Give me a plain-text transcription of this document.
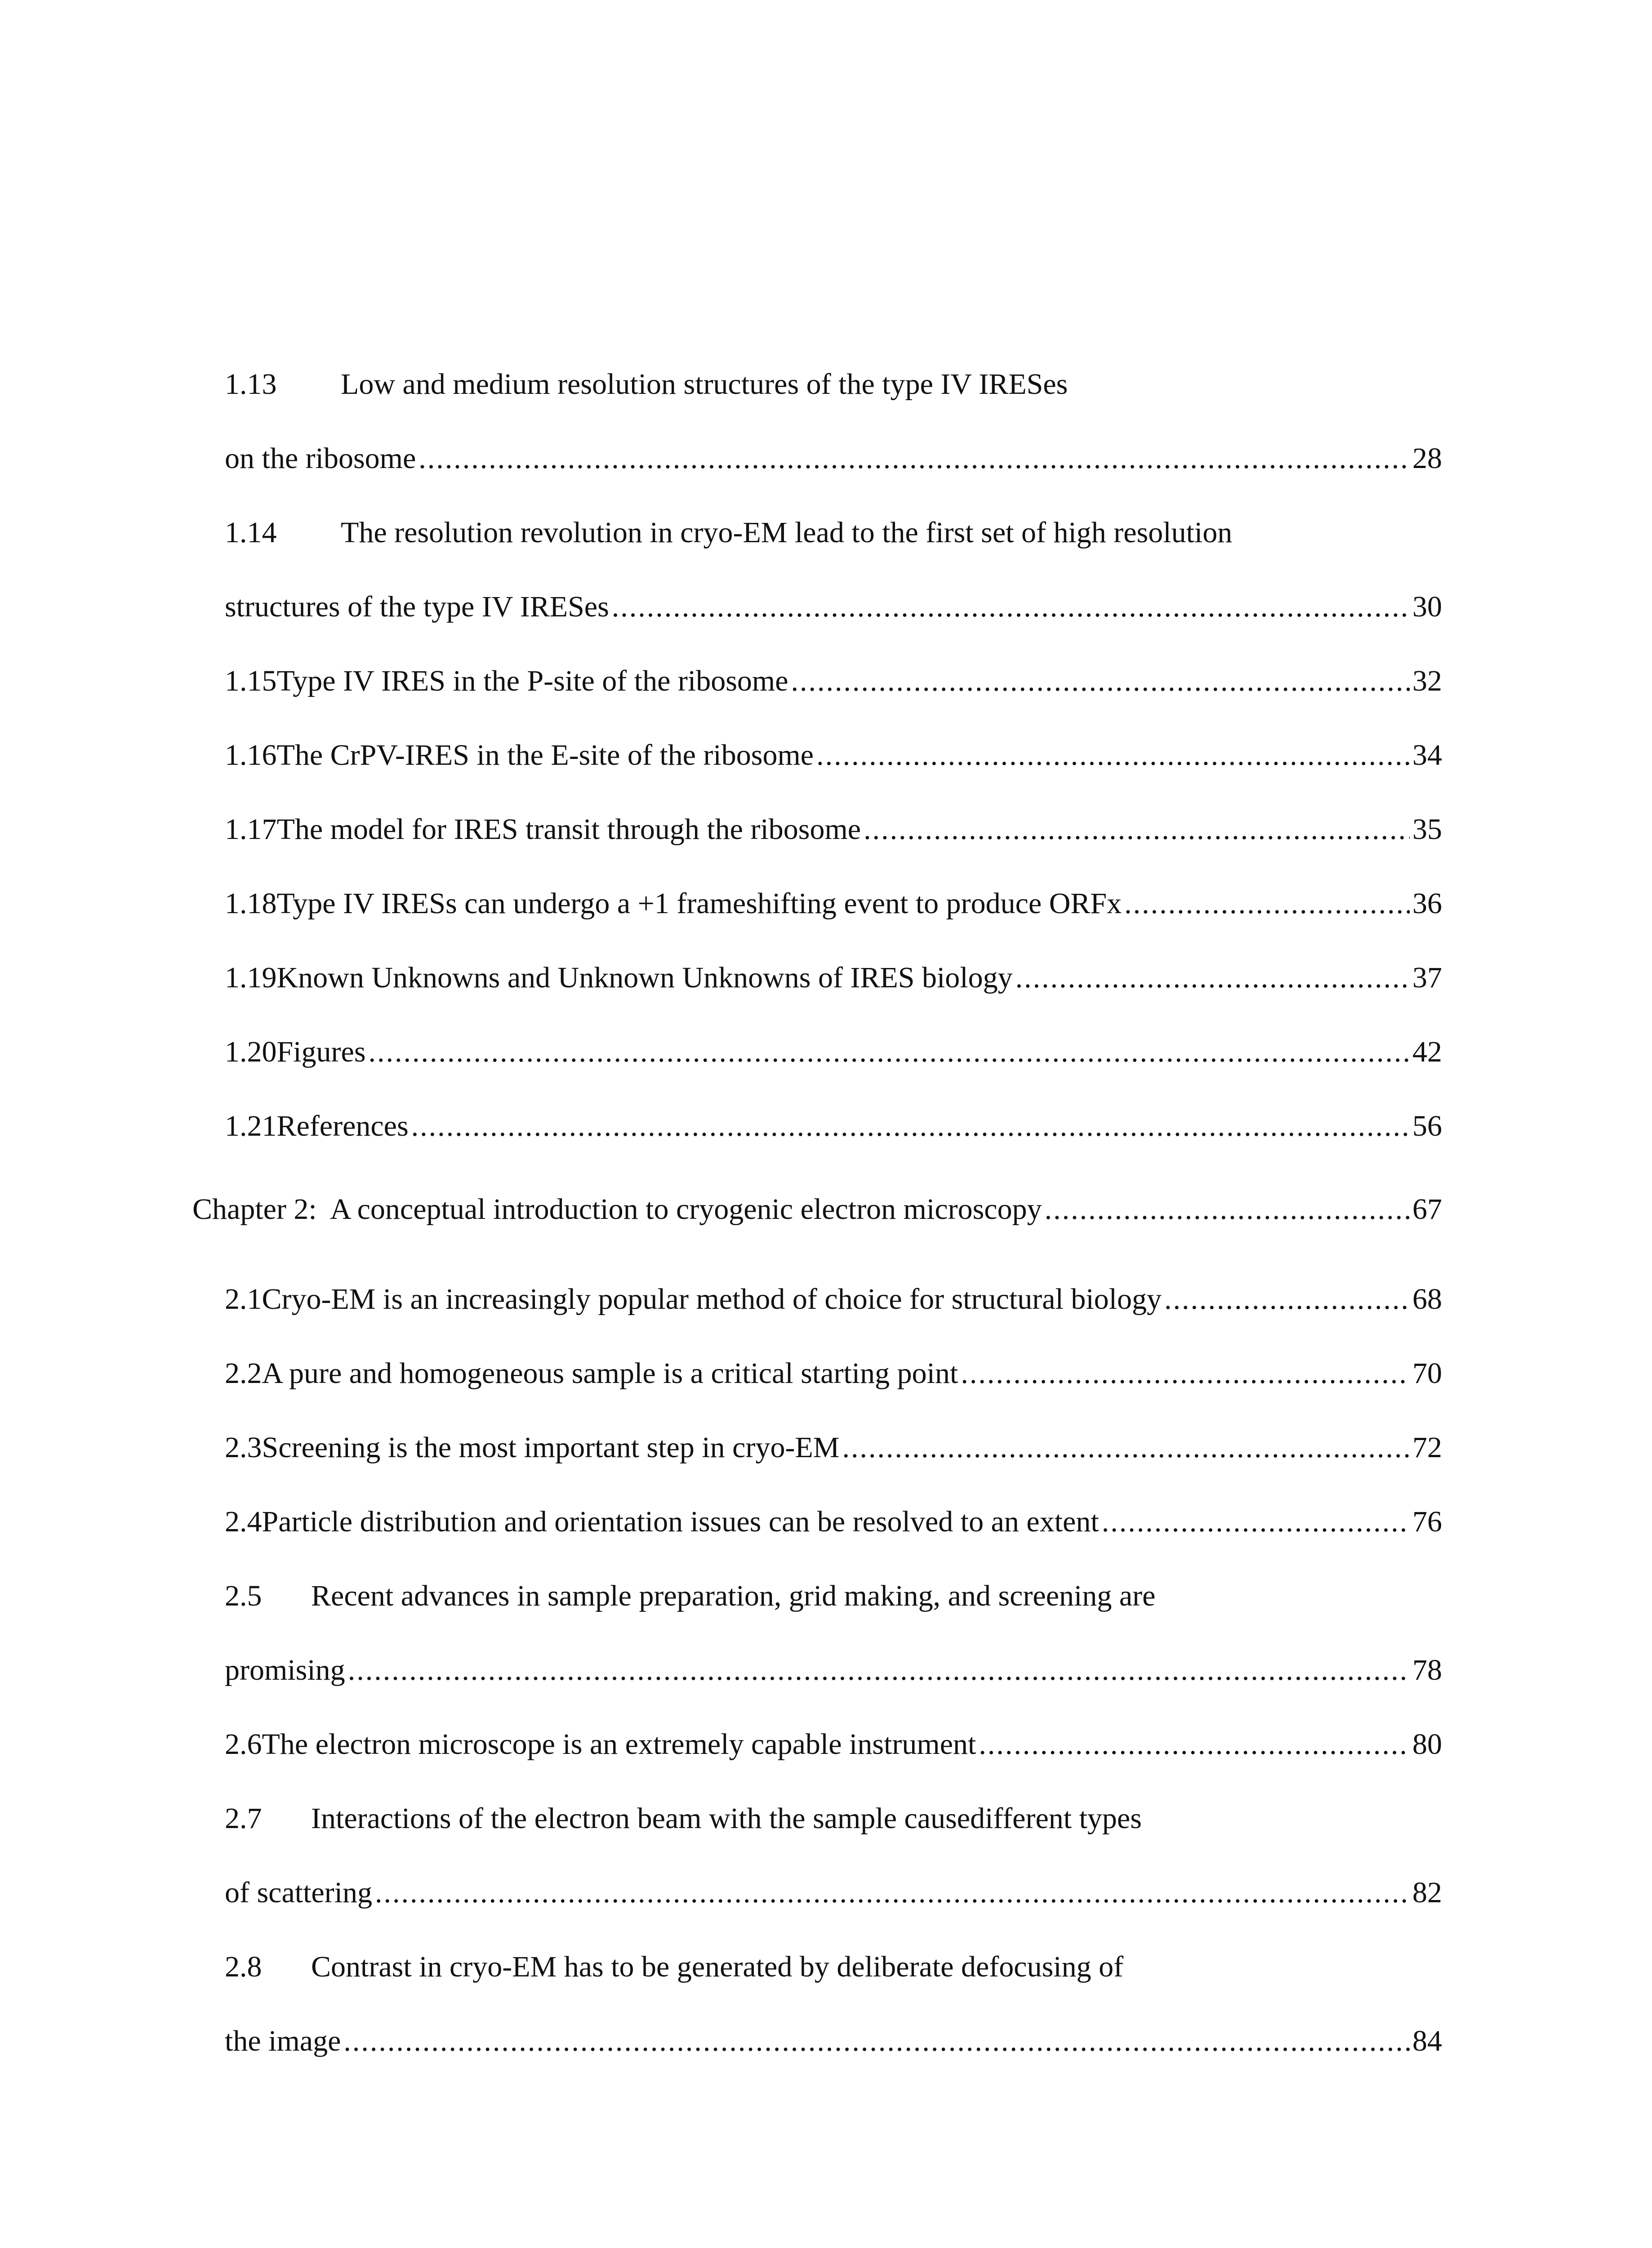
1.13	Low and medium resolution structures of the type IV IRESes
on the ribosome .....	28
1.14	The resolution revolution in cryo-EM lead to the first set of high resolution
structures of the type IV IRESes .....	30
1.15 Type IV IRES in the P-site of the ribosome .....	32
1.16 The CrPV-IRES in the E-site of the ribosome .....	34
1.17 The model for IRES transit through the ribosome .....	35
1.18 Type IV IRESs can undergo a +1 frameshifting event to produce ORFx .....	36
1.19 Known Unknowns and Unknown Unknowns of IRES biology .....	37
1.20 Figures .....	42
1.21 References .....	56
Chapter 2:  A conceptual introduction to cryogenic electron microscopy .....	67
2.1 Cryo-EM is an increasingly popular method of choice for structural biology .....	68
2.2 A pure and homogeneous sample is a critical starting point .....	70
2.3 Screening is the most important step in cryo-EM .....	72
2.4 Particle distribution and orientation issues can be resolved to an extent .....	76
2.5	Recent advances in sample preparation, grid making, and screening are
promising .....	78
2.6 The electron microscope is an extremely capable instrument .....	80
2.7	Interactions of the electron beam with the sample causedifferent types
of scattering .....	82
2.8	Contrast in cryo-EM has to be generated by deliberate defocusing of
the image .....	84
